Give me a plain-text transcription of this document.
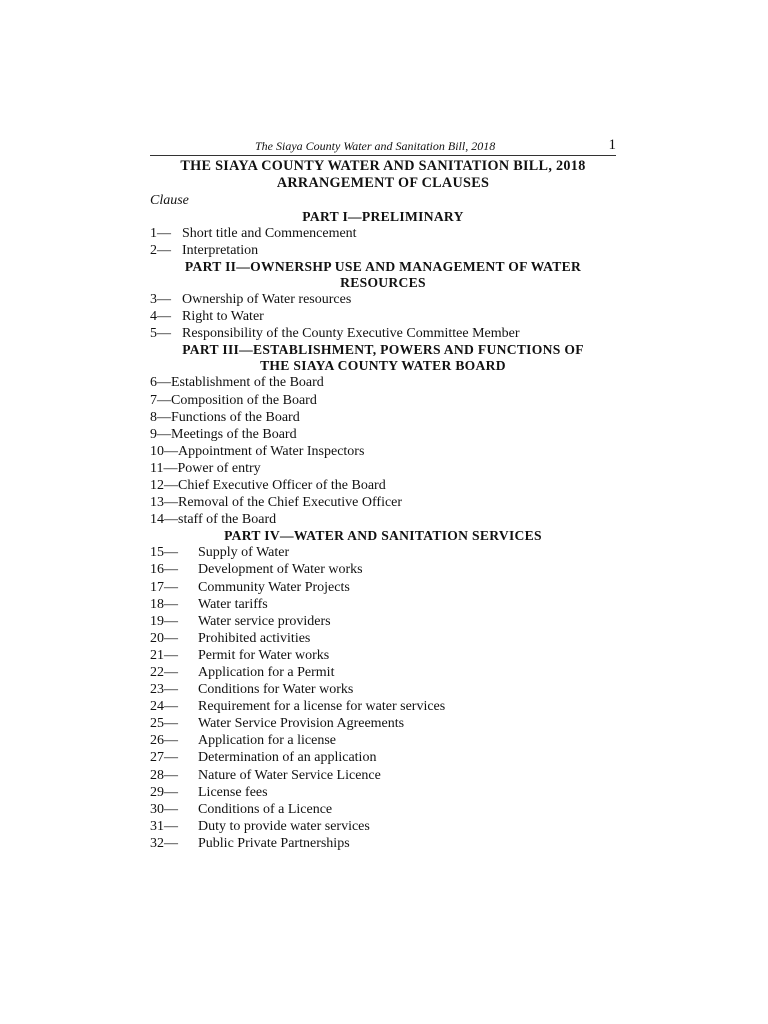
The Siaya County Water and Sanitation Bill, 2018	1
THE SIAYA COUNTY WATER AND SANITATION BILL, 2018
ARRANGEMENT OF CLAUSES

Clause

PART I—PRELIMINARY
1— Short title and Commencement
2— Interpretation
PART II—OWNERSHP USE AND MANAGEMENT OF WATER
RESOURCES
3— Ownership of Water resources
4— Right to Water
5— Responsibility of the County Executive Committee Member
PART III—ESTABLISHMENT, POWERS AND FUNCTIONS OF
THE SIAYA COUNTY WATER BOARD
6—Establishment of the Board
7—Composition of the Board
8—Functions of the Board
9—Meetings of the Board
10—Appointment of Water Inspectors
11—Power of entry
12—Chief Executive Officer of the Board
13—Removal of the Chief Executive Officer
14—staff of the Board
PART IV—WATER AND SANITATION SERVICES
15— Supply of Water
16— Development of Water works
17— Community Water Projects
18— Water tariffs
19— Water service providers
20— Prohibited activities
21— Permit for Water works
22— Application for a Permit
23— Conditions for Water works
24— Requirement for a license for water services
25— Water Service Provision Agreements
26— Application for a license
27— Determination of an application
28— Nature of Water Service Licence
29— License fees
30— Conditions of a Licence
31— Duty to provide water services
32— Public Private Partnerships
